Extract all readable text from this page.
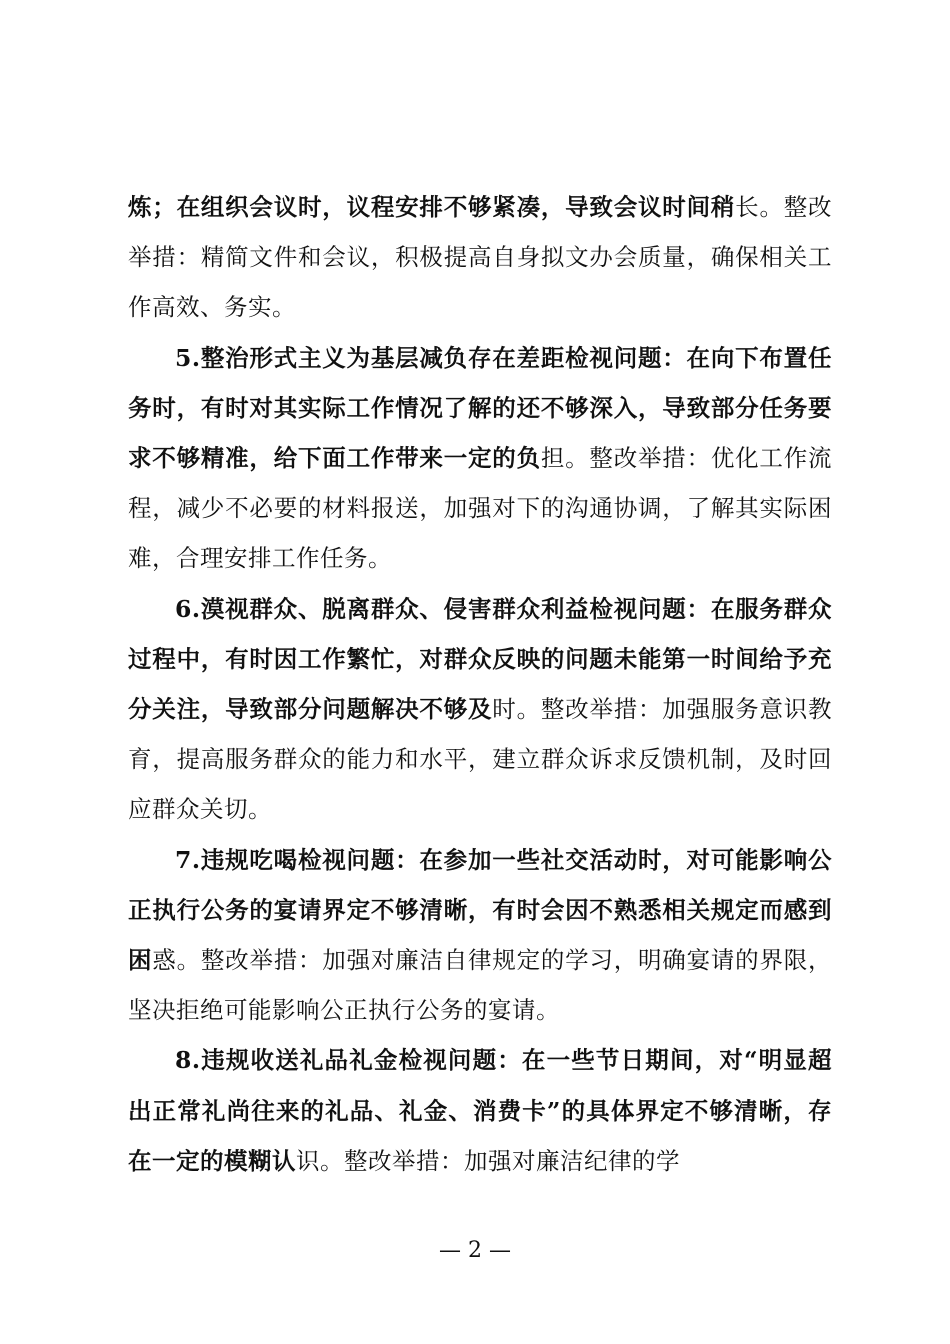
炼；在组织会议时，议程安排不够紧凑，导致会议时间稍长。整改举措：精简文件和会议，积极提高自身拟文办会质量，确保相关工作高效、务实。

5.整治形式主义为基层减负存在差距检视问题：在向下布置任务时，有时对其实际工作情况了解的还不够深入，导致部分任务要求不够精准，给下面工作带来一定的负担。整改举措：优化工作流程，减少不必要的材料报送，加强对下的沟通协调，了解其实际困难，合理安排工作任务。

6.漠视群众、脱离群众、侵害群众利益检视问题：在服务群众过程中，有时因工作繁忙，对群众反映的问题未能第一时间给予充分关注，导致部分问题解决不够及时。整改举措：加强服务意识教育，提高服务群众的能力和水平，建立群众诉求反馈机制，及时回应群众关切。

7.违规吃喝检视问题：在参加一些社交活动时，对可能影响公正执行公务的宴请界定不够清晰，有时会因不熟悉相关规定而感到困惑。整改举措：加强对廉洁自律规定的学习，明确宴请的界限，坚决拒绝可能影响公正执行公务的宴请。

8.违规收送礼品礼金检视问题：在一些节日期间，对“明显超出正常礼尚往来的礼品、礼金、消费卡”的具体界定不够清晰，存在一定的模糊认识。整改举措：加强对廉洁纪律的学

— 2 —
